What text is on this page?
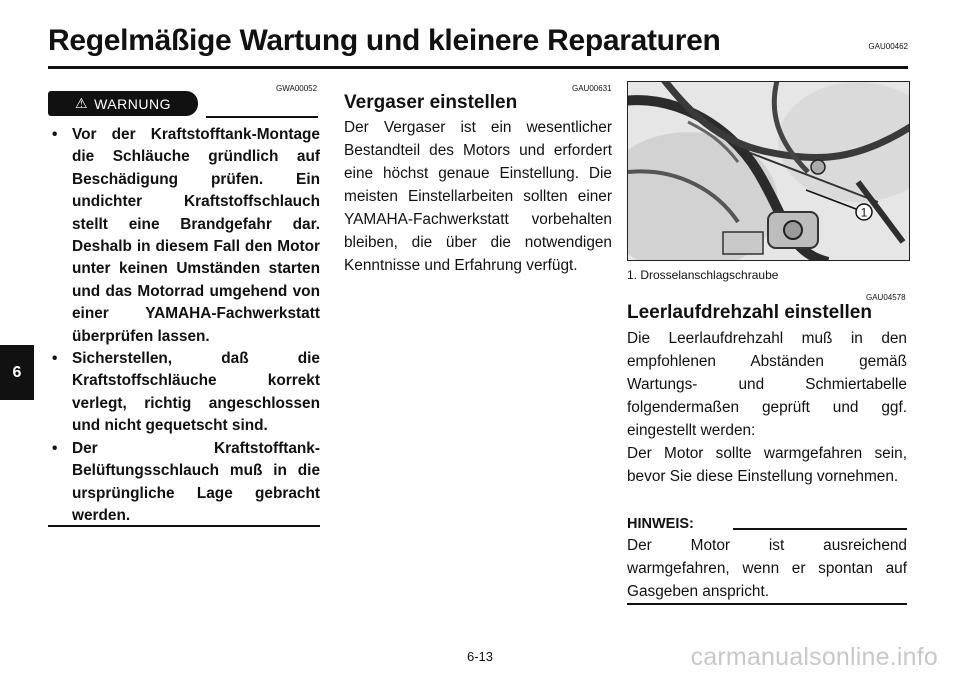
Regelmäßige Wartung und kleinere Reparaturen	GAU00462
6
GWA00052
⚠ WARNUNG
• Vor der Kraftstofftank-Montage die Schläuche gründlich auf Beschädigung prüfen. Ein undichter Kraftstoffschlauch stellt eine Brandgefahr dar. Deshalb in diesem Fall den Motor unter keinen Umständen starten und das Motorrad umgehend von einer YAMAHA-Fachwerkstatt überprüfen lassen.
• Sicherstellen, daß die Kraftstoffschläuche korrekt verlegt, richtig angeschlossen und nicht gequetscht sind.
• Der Kraftstofftank-Belüftungsschlauch muß in die ursprüngliche Lage gebracht werden.
GAU00631
Vergaser einstellen

Der Vergaser ist ein wesentlicher Bestandteil des Motors und erfordert eine höchst genaue Einstellung. Die meisten Einstellarbeiten sollten einer YAMAHA-Fachwerkstatt vorbehalten bleiben, die über die notwendigen Kenntnisse und Erfahrung verfügt.

1
1. Drosselanschlagschraube
GAU04578
Leerlaufdrehzahl einstellen

Die Leerlaufdrehzahl muß in den empfohlenen Abständen gemäß Wartungs- und Schmiertabelle folgendermaßen geprüft und ggf. eingestellt werden:

Der Motor sollte warmgefahren sein, bevor Sie diese Einstellung vornehmen.

HINWEIS:

Der Motor ist ausreichend warmgefahren, wenn er spontan auf Gasgeben anspricht.

6-13	carmanualsonline.info
